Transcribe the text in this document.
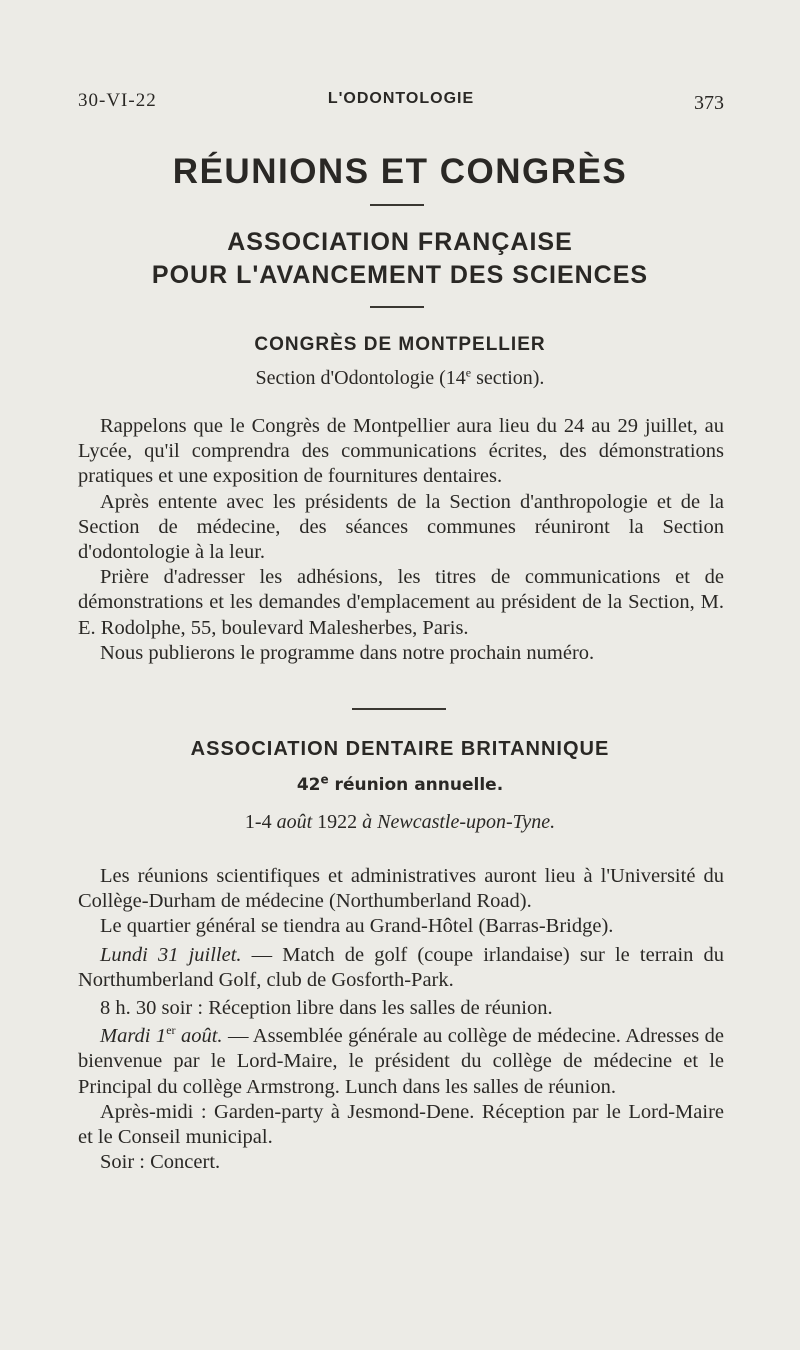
30-VI-22	L'ODONTOLOGIE	373
RÉUNIONS ET CONGRÈS
ASSOCIATION FRANÇAISE
POUR L'AVANCEMENT DES SCIENCES
CONGRÈS DE MONTPELLIER
Section d'Odontologie (14e section).

Rappelons que le Congrès de Montpellier aura lieu du 24 au 29 juillet, au Lycée, qu'il comprendra des communications écrites, des démonstrations pratiques et une exposition de fournitures dentaires.

Après entente avec les présidents de la Section d'anthropologie et de la Section de médecine, des séances communes réuniront la Section d'odontologie à la leur.

Prière d'adresser les adhésions, les titres de communications et de démonstrations et les demandes d'emplacement au président de la Section, M. E. Rodolphe, 55, boulevard Malesherbes, Paris.

Nous publierons le programme dans notre prochain numéro.

ASSOCIATION DENTAIRE BRITANNIQUE
42e réunion annuelle.
1-4 août 1922 à Newcastle-upon-Tyne.

Les réunions scientifiques et administratives auront lieu à l'Université du Collège-Durham de médecine (Northumberland Road).

Le quartier général se tiendra au Grand-Hôtel (Barras-Bridge).

Lundi 31 juillet. — Match de golf (coupe irlandaise) sur le terrain du Northumberland Golf, club de Gosforth-Park.

8 h. 30 soir : Réception libre dans les salles de réunion.

Mardi 1er août. — Assemblée générale au collège de médecine. Adresses de bienvenue par le Lord-Maire, le président du collège de médecine et le Principal du collège Armstrong. Lunch dans les salles de réunion.

Après-midi : Garden-party à Jesmond-Dene. Réception par le Lord-Maire et le Conseil municipal.

Soir : Concert.
